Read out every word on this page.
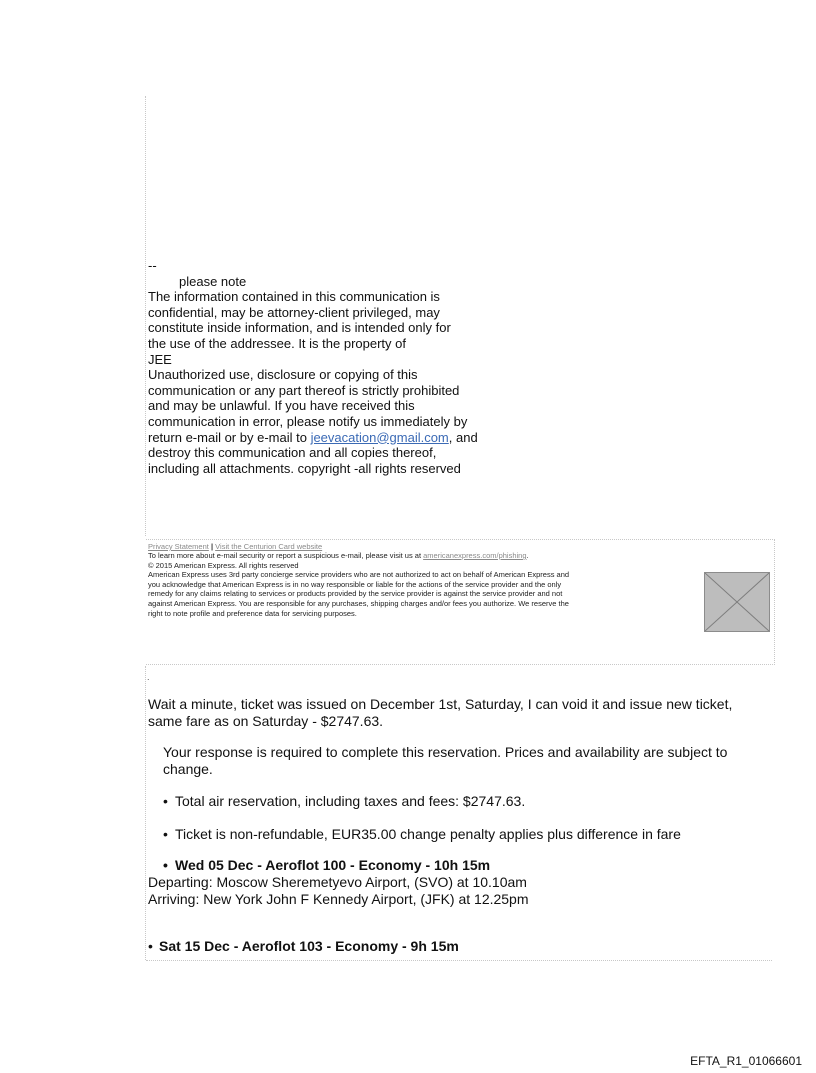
--
please note
The information contained in this communication is
confidential, may be attorney-client privileged, may
constitute inside information, and is intended only for
the use of the addressee. It is the property of
JEE
Unauthorized use, disclosure or copying of this
communication or any part thereof is strictly prohibited
and may be unlawful. If you have received this
communication in error, please notify us immediately by
return e-mail or by e-mail to jeevacation@gmail.com, and
destroy this communication and all copies thereof,
including all attachments. copyright -all rights reserved
Privacy Statement | Visit the Centurion Card website
To learn more about e-mail security or report a suspicious e-mail, please visit us at americanexpress.com/phishing.
© 2015 American Express. All rights reserved
American Express uses 3rd party concierge service providers who are not authorized to act on behalf of American Express and
you acknowledge that American Express is in no way responsible or liable for the actions of the service provider and the only
remedy for any claims relating to services or products provided by the service provider is against the service provider and not
against American Express. You are responsible for any purchases, shipping charges and/or fees you authorize. We reserve the
right to note profile and preference data for servicing purposes.
.
Wait a minute, ticket was issued on December 1st, Saturday, I can void it and issue new ticket,
same fare as on Saturday - $2747.63.
Your response is required to complete this reservation. Prices and availability are subject to
change.
• Total air reservation, including taxes and fees: $2747.63.
• Ticket is non-refundable, EUR35.00 change penalty applies plus difference in fare
• Wed 05 Dec - Aeroflot 100 - Economy - 10h 15m
Departing: Moscow Sheremetyevo Airport, (SVO) at 10.10am
Arriving: New York John F Kennedy Airport, (JFK) at 12.25pm
• Sat 15 Dec - Aeroflot 103 - Economy - 9h 15m
EFTA_R1_01066601
